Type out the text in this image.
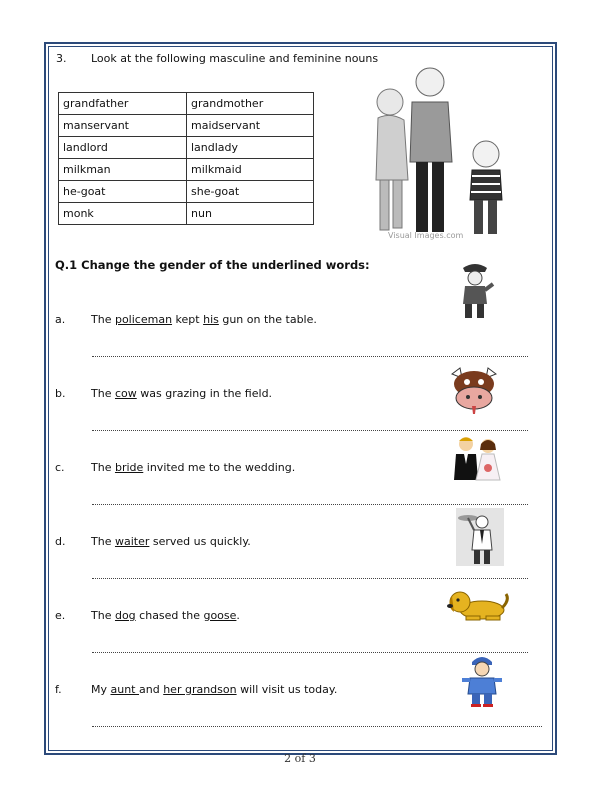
3. Look at the following masculine and feminine nouns
grandfather	grandmother
manservant	maidservant
landlord	landlady
milkman	milkmaid
he-goat	she-goat
monk	nun
Visual Images.com
Q.1 Change the gender of the underlined words:
a. The policeman kept his gun on the table.
b. The cow was grazing in the field.
c. The bride invited me to the wedding.
d. The waiter served us quickly.
e. The dog chased the goose.
f.	My aunt and her grandson will visit us today.
2 of 3
